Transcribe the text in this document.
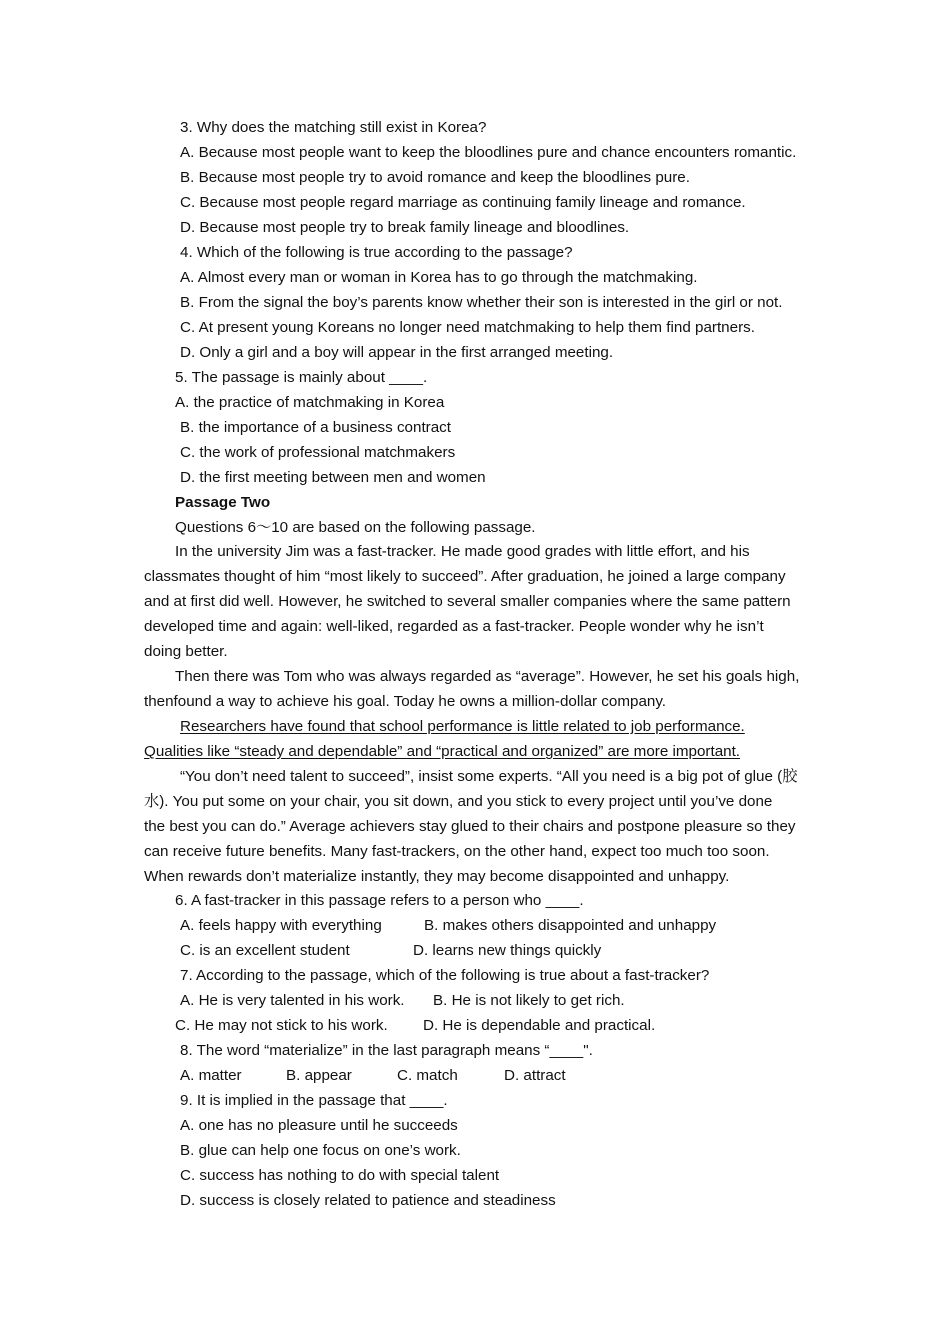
3. Why does the matching still exist in Korea?

A. Because most people want to keep the bloodlines pure and chance encounters romantic.

B. Because most people try to avoid romance and keep the bloodlines pure.

C. Because most people regard marriage as continuing family lineage and romance.

D. Because most people try to break family lineage and bloodlines.

4. Which of the following is true according to the passage?

A. Almost every man or woman in Korea has to go through the matchmaking.

B. From the signal the boy’s parents know whether their son is interested in the girl or not.

C. At present young Koreans no longer need matchmaking to help them find partners.

D. Only a girl and a boy will appear in the first arranged meeting.

5. The passage is mainly about ____.

A. the practice of matchmaking in Korea

B. the importance of a business contract

C. the work of professional matchmakers

D. the first meeting between men and women

Passage Two

Questions 6～10 are based on the following passage.

In the university Jim was a fast-tracker. He made good grades with little effort, and his

classmates thought of him “most likely to succeed”. After graduation, he joined a large company

and at first did well. However, he switched to several smaller companies where the same pattern

developed time and again: well-liked, regarded as a fast-tracker. People wonder why he isn’t

doing better.

Then there was Tom who was always regarded as “average”. However, he set his goals high,

thenfound a way to achieve his goal. Today he owns a million-dollar company.

Researchers have found that school performance is little related to job performance.

Qualities like “steady and dependable” and “practical and organized” are more important.

“You don’t need talent to succeed”, insist some experts. “All you need is a big pot of glue (胶

水). You put some on your chair, you sit down, and you stick to every project until you’ve done

the best you can do.” Average achievers stay glued to their chairs and postpone pleasure so they

can receive future benefits. Many fast-trackers, on the other hand, expect too much too soon.

When rewards don’t materialize instantly, they may become disappointed and unhappy.

6. A fast-tracker in this passage refers to a person who ____.

A. feels happy with everything	B. makes others disappointed and unhappy

C. is an excellent student	D. learns new things quickly

7. According to the passage, which of the following is true about a fast-tracker?

A. He is very talented in his work. B. He is not likely to get rich.

C. He may not stick to his work. D. He is dependable and practical.

8. The word “materialize” in the last paragraph means “____".

A. matter	B. appear	C. match	D. attract

9. It is implied in the passage that ____.

A. one has no pleasure until he succeeds

B. glue can help one focus on one’s work.

C. success has nothing to do with special talent

D. success is closely related to patience and steadiness
